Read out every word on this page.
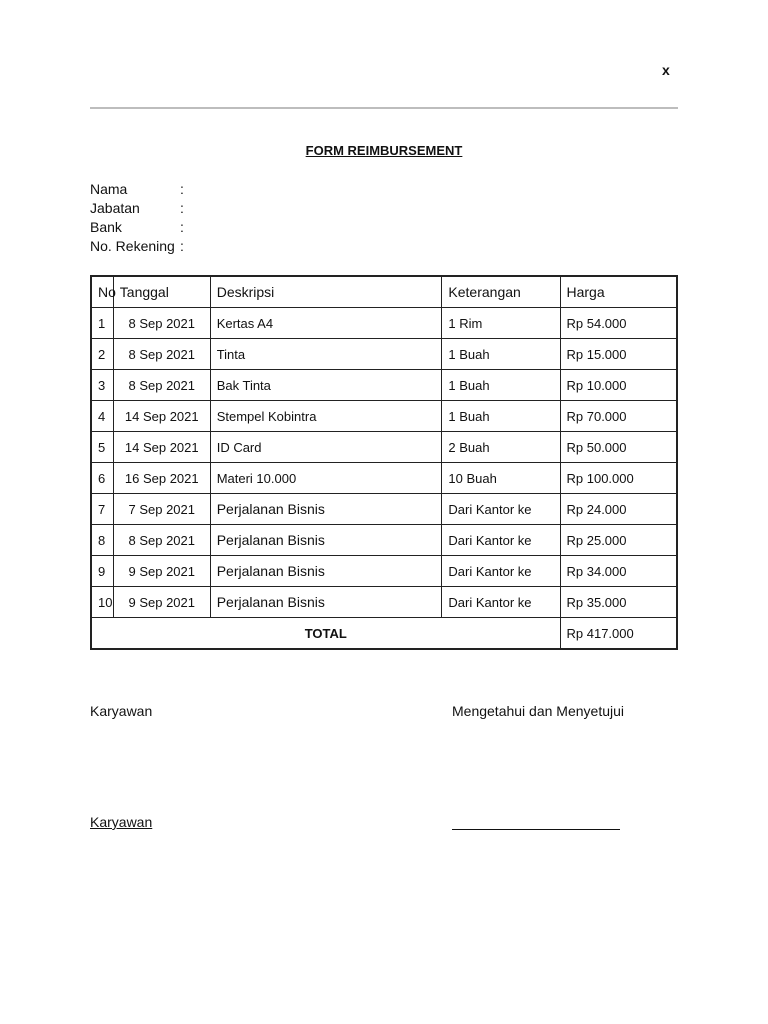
x
FORM REIMBURSEMENT
Nama	:
Jabatan	:
Bank	:
No. Rekening :
No	Tanggal	Deskripsi	Keterangan	Harga
1	8 Sep 2021	Kertas A4	1 Rim	Rp 54.000
2	8 Sep 2021	Tinta	1 Buah	Rp 15.000
3	8 Sep 2021	Bak Tinta	1 Buah	Rp 10.000
4	14 Sep 2021	Stempel Kobintra	1 Buah	Rp 70.000
5	14 Sep 2021	ID Card	2 Buah	Rp 50.000
6	16 Sep 2021	Materi 10.000	10 Buah	Rp 100.000
7	7 Sep 2021	Perjalanan Bisnis	Dari Kantor ke	Rp 24.000
8	8 Sep 2021	Perjalanan Bisnis	Dari Kantor ke	Rp 25.000
9	9 Sep 2021	Perjalanan Bisnis	Dari Kantor ke	Rp 34.000
10	9 Sep 2021	Perjalanan Bisnis	Dari Kantor ke	Rp 35.000
TOTAL				Rp 417.000
Karyawan	Mengetahui dan Menyetujui
Karyawan
